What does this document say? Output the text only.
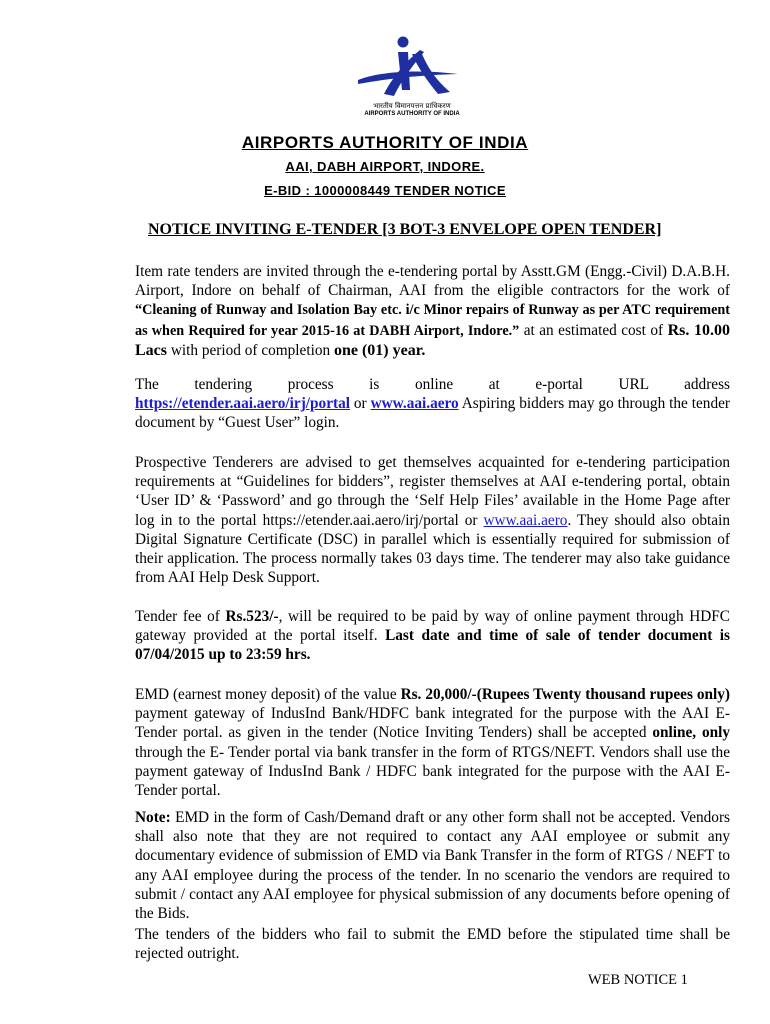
भारतीय विमानपत्तन प्राधिकरण
AIRPORTS AUTHORITY OF INDIA
AIRPORTS AUTHORITY OF INDIA
AAI, DABH AIRPORT, INDORE.
E-BID : 1000008449 TENDER NOTICE
NOTICE INVITING E-TENDER [3 BOT-3 ENVELOPE OPEN TENDER]

Item rate tenders are invited through the e-tendering portal by Asstt.GM (Engg.-Civil) D.A.B.H. Airport, Indore on behalf of Chairman, AAI from the eligible contractors for the work of “Cleaning of Runway and Isolation Bay etc. i/c Minor repairs of Runway as per ATC requirement as when Required for year 2015-16 at DABH Airport, Indore.” at an estimated cost of Rs. 10.00 Lacs with period of completion one (01) year.

The tendering process is online at e-portal URL address

https://etender.aai.aero/irj/portal or www.aai.aero Aspiring bidders may go through the tender document by “Guest User” login.

Prospective Tenderers are advised to get themselves acquainted for e-tendering participation requirements at “Guidelines for bidders”, register themselves at AAI e-tendering portal, obtain ‘User ID’ & ‘Password’ and go through the ‘Self Help Files’ available in the Home Page after log in to the portal https://etender.aai.aero/irj/portal or www.aai.aero. They should also obtain Digital Signature Certificate (DSC) in parallel which is essentially required for submission of their application. The process normally takes 03 days time. The tenderer may also take guidance from AAI Help Desk Support.

Tender fee of Rs.523/-, will be required to be paid by way of online payment through HDFC gateway provided at the portal itself. Last date and time of sale of tender document is 07/04/2015 up to 23:59 hrs.

EMD (earnest money deposit) of the value Rs. 20,000/-(Rupees Twenty thousand rupees only) payment gateway of IndusInd Bank/HDFC bank integrated for the purpose with the AAI E-Tender portal. as given in the tender (Notice Inviting Tenders) shall be accepted online, only through the E- Tender portal via bank transfer in the form of RTGS/NEFT. Vendors shall use the payment gateway of IndusInd Bank / HDFC bank integrated for the purpose with the AAI E- Tender portal.

Note: EMD in the form of Cash/Demand draft or any other form shall not be accepted. Vendors shall also note that they are not required to contact any AAI employee or submit any documentary evidence of submission of EMD via Bank Transfer in the form of RTGS / NEFT to any AAI employee during the process of the tender. In no scenario the vendors are required to submit / contact any AAI employee for physical submission of any documents before opening of the Bids.

The tenders of the bidders who fail to submit the EMD before the stipulated time shall be rejected outright.

WEB NOTICE 1
